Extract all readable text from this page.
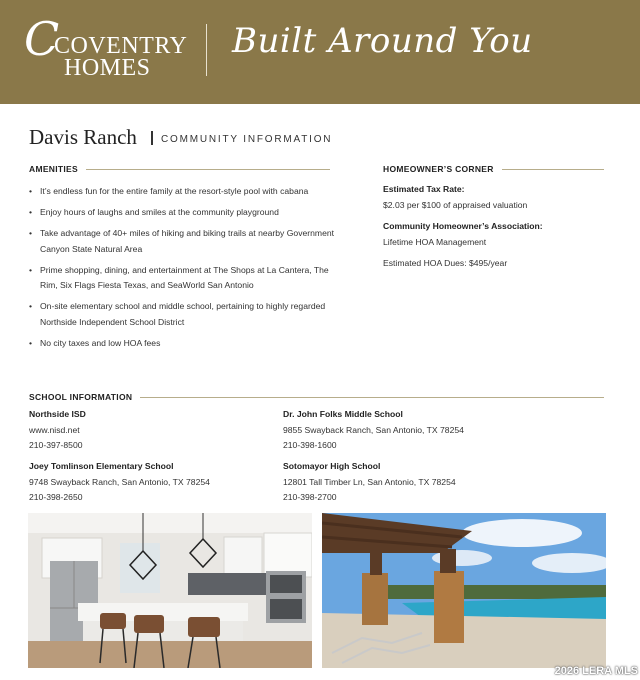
C
COVENTRY
HOMES
Built Around You
Davis Ranch COMMUNITY INFORMATION
AMENITIES
• It’s endless fun for the entire family at the resort-style pool with cabana
• Enjoy hours of laughs and smiles at the community playground
• Take advantage of 40+ miles of hiking and biking trails at nearby Government Canyon State Natural Area
• Prime shopping, dining, and entertainment at The Shops at La Cantera, The Rim, Six Flags Fiesta Texas, and SeaWorld San Antonio
• On-site elementary school and middle school, pertaining to highly regarded Northside Independent School District
• No city taxes and low HOA fees
HOMEOWNER’S CORNER
Estimated Tax Rate:
$2.03 per $100 of appraised valuation
Community Homeowner’s Association:
Lifetime HOA Management
Estimated HOA Dues: $495/year
SCHOOL INFORMATION
Northside ISD
www.nisd.net
210-397-8500
Dr. John Folks Middle School
9855 Swayback Ranch, San Antonio, TX 78254
210-398-1600
Joey Tomlinson Elementary School
9748 Swayback Ranch, San Antonio, TX 78254
210-398-2650
Sotomayor High School
12801 Tall Timber Ln, San Antonio, TX 78254
210-398-2700
2026 LERA MLS
